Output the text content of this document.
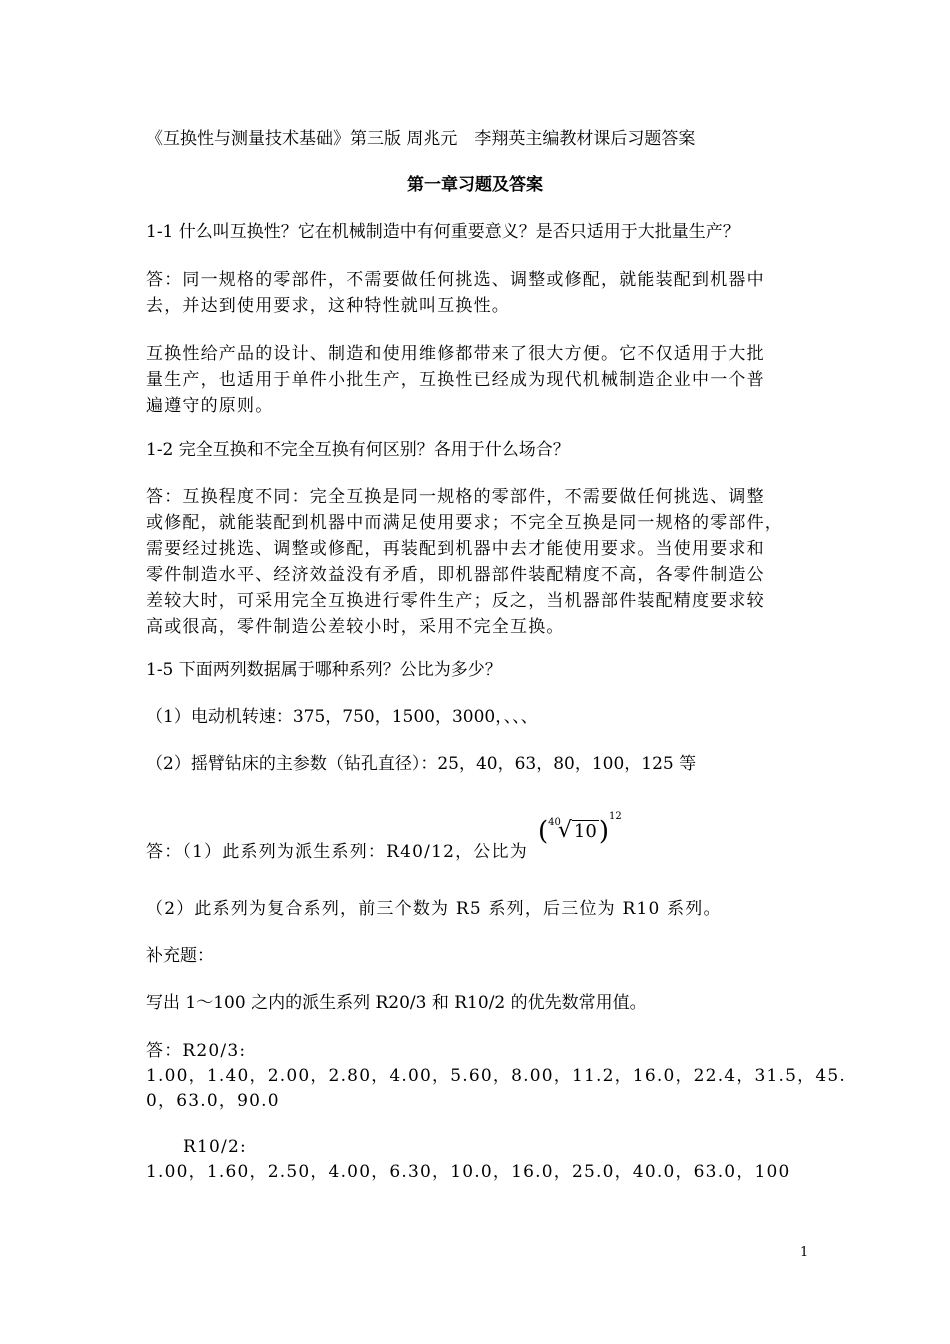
《互换性与测量技术基础》第三版 周兆元　李翔英主编教材课后习题答案
第一章习题及答案
1-1 什么叫互换性？它在机械制造中有何重要意义？是否只适用于大批量生产？
答：同一规格的零部件，不需要做任何挑选、调整或修配，就能装配到机器中
去，并达到使用要求，这种特性就叫互换性。
互换性给产品的设计、制造和使用维修都带来了很大方便。它不仅适用于大批
量生产，也适用于单件小批生产，互换性已经成为现代机械制造企业中一个普
遍遵守的原则。
1-2 完全互换和不完全互换有何区别？各用于什么场合？
答：互换程度不同：完全互换是同一规格的零部件，不需要做任何挑选、调整
或修配，就能装配到机器中而满足使用要求；不完全互换是同一规格的零部件，
需要经过挑选、调整或修配，再装配到机器中去才能使用要求。当使用要求和
零件制造水平、经济效益没有矛盾，即机器部件装配精度不高，各零件制造公
差较大时，可采用完全互换进行零件生产；反之，当机器部件装配精度要求较
高或很高，零件制造公差较小时，采用不完全互换。
1-5 下面两列数据属于哪种系列？公比为多少？
（1）电动机转速：375，750，1500，3000，、、、
（2）摇臂钻床的主参数（钻孔直径）：25，40，63，80，100，125 等
($^{40}$√ 10)$^{12}$
答：（1）此系列为派生系列：R40/12，公比为
（2）此系列为复合系列，前三个数为 R5 系列，后三位为 R10 系列。
补充题：
写出 1～100 之内的派生系列 R20/3 和 R10/2 的优先数常用值。
答：R20/3:
1.00，1.40，2.00，2.80，4.00，5.60，8.00，11.2，16.0，22.4，31.5，45.
0，63.0，90.0
R10/2:
1.00，1.60，2.50，4.00，6.30，10.0，16.0，25.0，40.0，63.0，100
1
